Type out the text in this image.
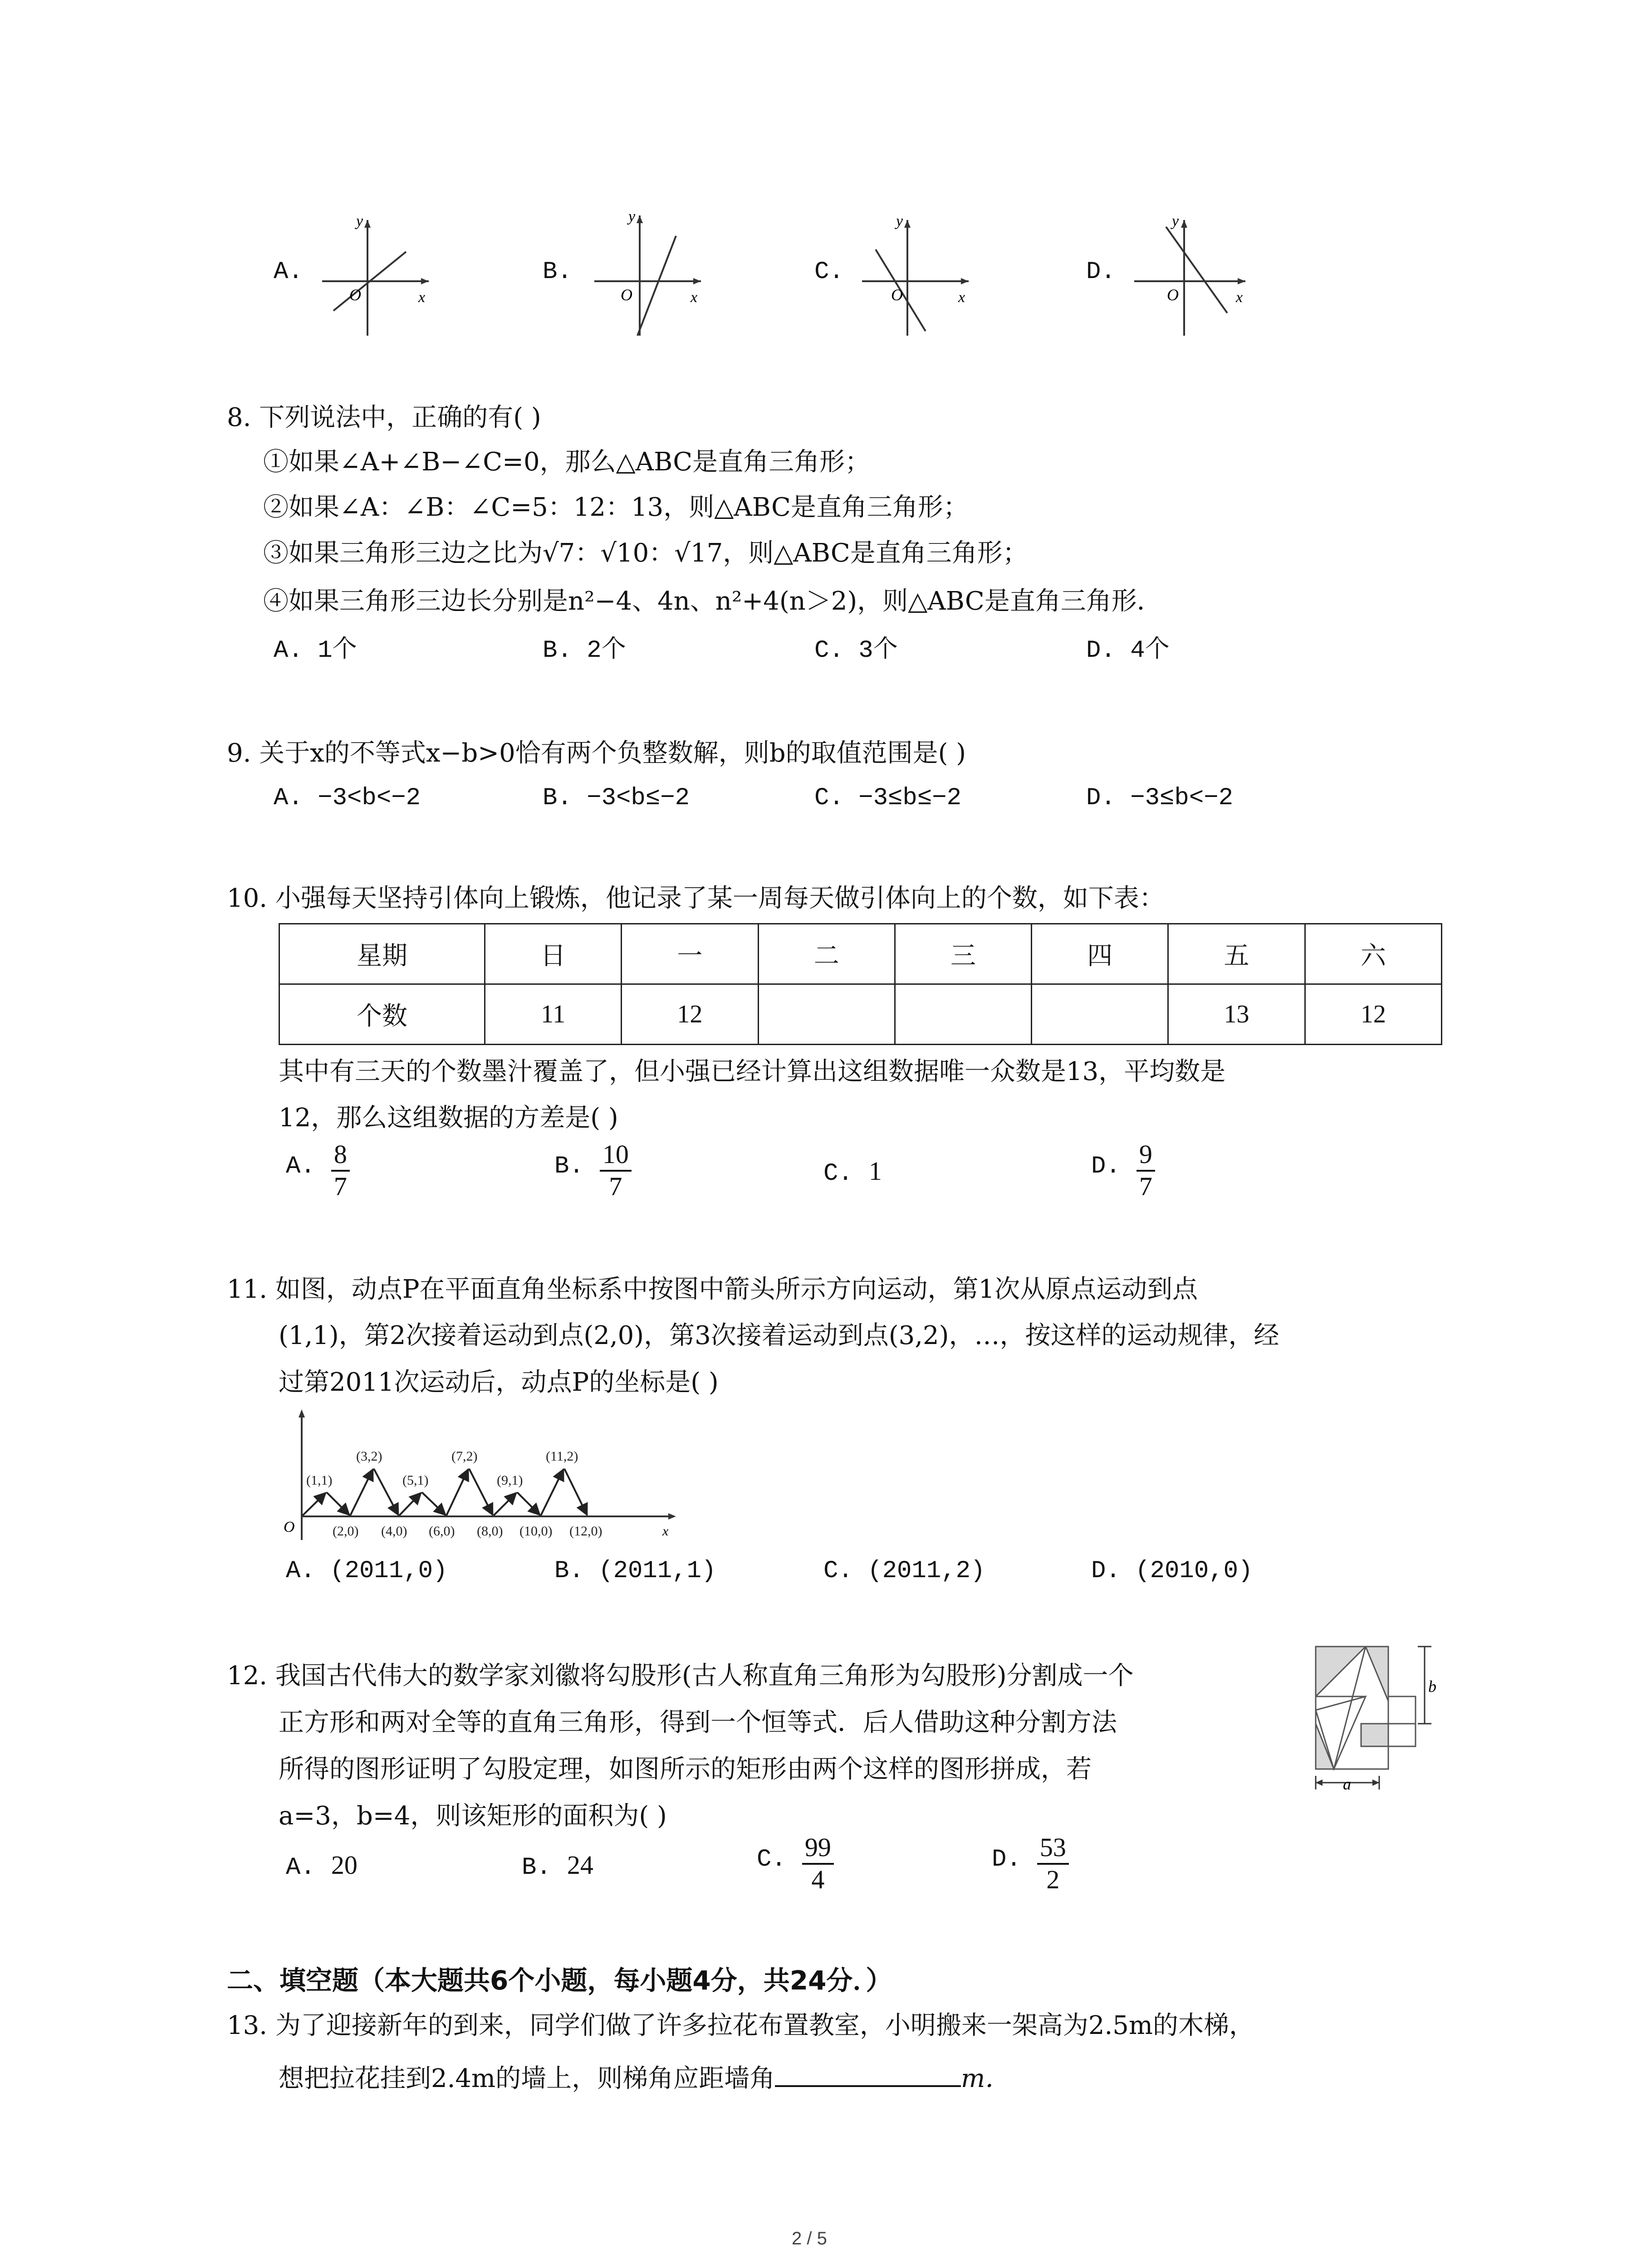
A.
y
O	x
B.
y
O	x
C.
y
O	x
D.
y
O	x
8. 下列说法中，正确的有( )
①如果∠A+∠B−∠C=0，那么△ABC是直角三角形；
②如果∠A：∠B：∠C=5：12：13，则△ABC是直角三角形；
③如果三角形三边之比为√7：√10：√17，则△ABC是直角三角形；
④如果三角形三边长分别是n²−4、4n、n²+4(n＞2)，则△ABC是直角三角形．
A. 1个	B. 2个	C. 3个	D. 4个
9. 关于x的不等式x−b>0恰有两个负整数解，则b的取值范围是( )
A. −3<b<−2	B. −3<b≤−2	C. −3≤b≤−2	D. −3≤b<−2
10. 小强每天坚持引体向上锻炼，他记录了某一周每天做引体向上的个数，如下表：
星期	日	一	二	三	四	五	六
个数	11	12				13	12
其中有三天的个数墨汁覆盖了，但小强已经计算出这组数据唯一众数是13，平均数是
12，那么这组数据的方差是( )
A. $\frac{8}{7}$	B. $\frac{10}{7}$	C. 1	D. $\frac{9}{7}$
11. 如图，动点P在平面直角坐标系中按图中箭头所示方向运动，第1次从原点运动到点
(1,1)，第2次接着运动到点(2,0)，第3次接着运动到点(3,2)，…，按这样的运动规律，经
过第2011次运动后，动点P的坐标是( )
O	x
(1,1)
(3,2)
(5,1)
(7,2)
(9,1)
(11,2)
(2,0) (4,0) (6,0) (8,0) (10,0) (12,0)
A. (2011,0)	B. (2011,1)	C. (2011,2)	D. (2010,0)
12. 我国古代伟大的数学家刘徽将勾股形(古人称直角三角形为勾股形)分割成一个
正方形和两对全等的直角三角形，得到一个恒等式．后人借助这种分割方法
所得的图形证明了勾股定理，如图所示的矩形由两个这样的图形拼成，若
a=3，b=4，则该矩形的面积为( )
b
a
A. 20	B. 24	C. $\frac{99}{4}$	D. $\frac{53}{2}$
二、填空题（本大题共6个小题，每小题4分，共24分．）
13. 为了迎接新年的到来，同学们做了许多拉花布置教室，小明搬来一架高为2.5m的木梯，
想把拉花挂到2.4m的墙上，则梯角应距墙角	m．
2 / 5
